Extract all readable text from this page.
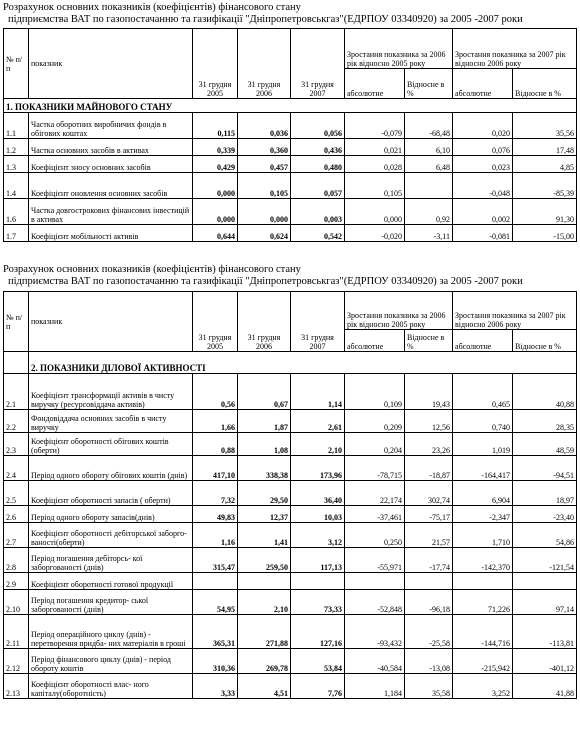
Розрахунок основних показників (коефіцієнтів) фінансового стану
підприємства ВАТ по газопостачанню та газифікації "Дніпропетровськгаз"(ЕДРПОУ 03340920) за 2005 -2007 роки
№ п/п	показник	31 грудня 2005	31 грудня 2006	31 грудня 2007	Зростання показника за 2006 рік відносно 2005 року		Зростання показника за 2007 рік відносно 2006 року	
					абсолютне	Відносне в %	абсолютне	Відносне в %
1. ПОКАЗНИКИ МАЙНОВОГО СТАНУ								
1.1	Частка оборотних виробничих фондів в обігових коштах	0,115	0,036	0,056	-0,079	-68,48	0,020	35,56
1.2	Частка основних засобів в активах	0,339	0,360	0,436	0,021	6,10	0,076	17,48
1.3	Коефіцієнт зносу основних засобів	0,429	0,457	0,480	0,028	6,48	0,023	4,85
1.4	Коефіцієнт оновлення основних засобів	0,000	0,105	0,057	0,105		-0,048	-85,39
1.6	Частка довгострокових фінансових інвестицій в активах	0,000	0,000	0,003	0,000	0,92	0,002	91,30
1.7	Коефіцієнт мобільності активів	0,644	0,624	0,542	-0,020	-3,11	-0,081	-15,00
Розрахунок основних показників (коефіцієнтів) фінансового стану
підприємства ВАТ по газопостачанню та газифікації "Дніпропетровськгаз"(ЕДРПОУ 03340920) за 2005 -2007 роки
№ п/п	показник	31 грудня 2005	31 грудня 2006	31 грудня 2007	Зростання показника за 2006 рік відносно 2005 року		Зростання показника за 2007 рік відносно 2006 року	
					абсолютне	Відносне в %	абсолютне	Відносне в %
	2. ПОКАЗНИКИ ДІЛОВОЇ АКТИВНОСТІ							
2.1	Коефіцієнт трансформації активів в чисту виручку (ресурсовіддача активів)	0,56	0,67	1,14	0,109	19,43	0,465	40,88
2.2	Фондовіддача основних засобів в чисту виручку	1,66	1,87	2,61	0,209	12,56	0,740	28,35
2.3	Коефіцієнт оборотності обігових коштів (оберти)	0,88	1,08	2,10	0,204	23,26	1,019	48,59
2.4	Період одного обороту обігових коштів (днів)	417,10	338,38	173,96	-78,715	-18,87	-164,417	-94,51
2.5	Коефіцієнт оборотності запасів ( оберти)	7,32	29,50	36,40	22,174	302,74	6,904	18,97
2.6	Період одного обороту запасів(днів)	49,83	12,37	10,03	-37,461	-75,17	-2,347	-23,40
2.7	Коефіцієнт оборотності дебіторської заборго-ваності(оберти)	1,16	1,41	3,12	0,250	21,57	1,710	54,86
2.8	Період погашення дебіторсь- кої заборгованості (днів)	315,47	259,50	117,13	-55,971	-17,74	-142,370	-121,54
2.9	Коефіцієнт оборотності готової продукції							
2.10	Період погашення кредитор- ської заборгованості (днів)	54,95	2,10	73,33	-52,848	-96,18	71,226	97,14
2.11	Період операційного циклу (днів) - перетворення придба- них матеріалів в гроші	365,31	271,88	127,16	-93,432	-25,58	-144,716	-113,81
2.12	Період фінансового циклу (днів) - період обороту коштів	310,36	269,78	53,84	-40,584	-13,08	-215,942	-401,12
2.13	Коефіцієнт оборотності влас- ного капіталу(оборотність)	3,33	4,51	7,76	1,184	35,58	3,252	41,88
